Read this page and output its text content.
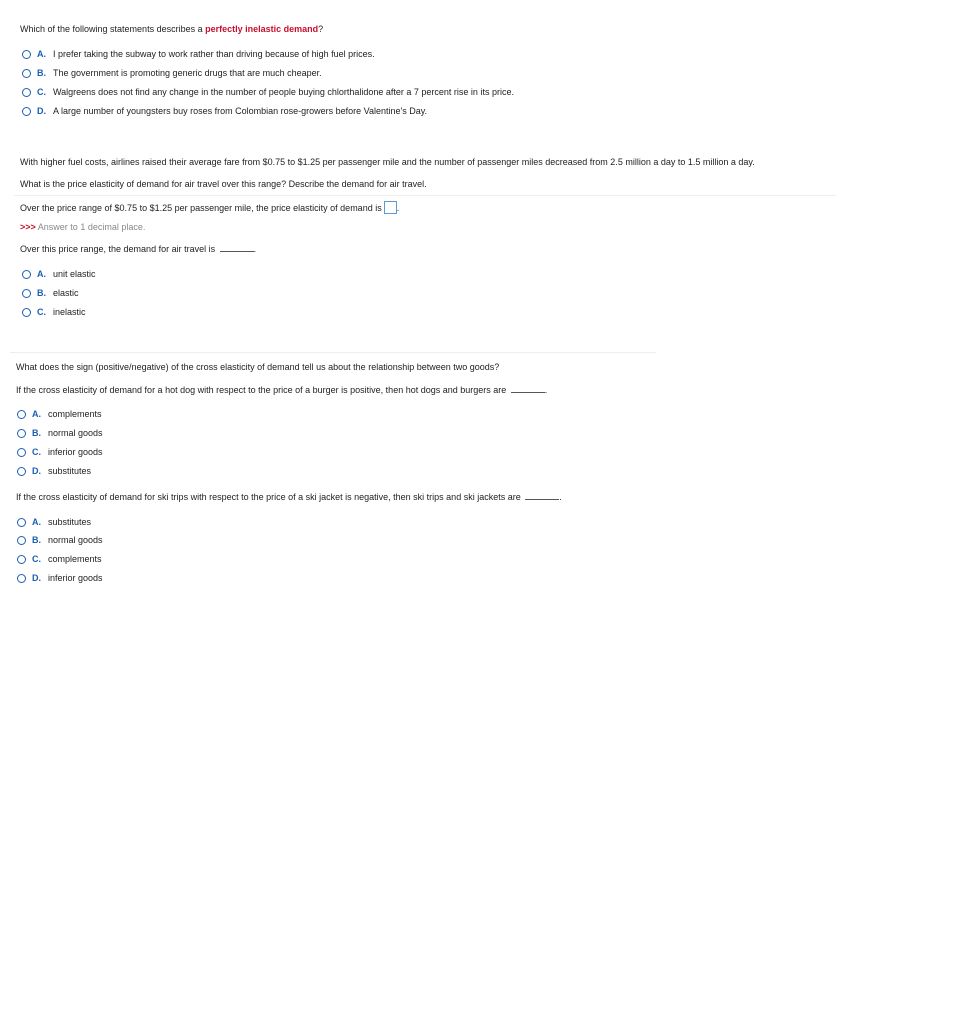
Which of the following statements describes a perfectly inelastic demand?
A. I prefer taking the subway to work rather than driving because of high fuel prices.
B. The government is promoting generic drugs that are much cheaper.
C. Walgreens does not find any change in the number of people buying chlorthalidone after a 7 percent rise in its price.
D. A large number of youngsters buy roses from Colombian rose-growers before Valentine's Day.
With higher fuel costs, airlines raised their average fare from $0.75 to $1.25 per passenger mile and the number of passenger miles decreased from 2.5 million a day to 1.5 million a day.
What is the price elasticity of demand for air travel over this range? Describe the demand for air travel.
Over the price range of $0.75 to $1.25 per passenger mile, the price elasticity of demand is .
>>> Answer to 1 decimal place.
Over this price range, the demand for air travel is	.
A. unit elastic
B. elastic
C. inelastic
What does the sign (positive/negative) of the cross elasticity of demand tell us about the relationship between two goods?
If the cross elasticity of demand for a hot dog with respect to the price of a burger is positive, then hot dogs and burgers are	.
A. complements
B. normal goods
C. inferior goods
D. substitutes
If the cross elasticity of demand for ski trips with respect to the price of a ski jacket is negative, then ski trips and ski jackets are	.
A. substitutes
B. normal goods
C. complements
D. inferior goods
